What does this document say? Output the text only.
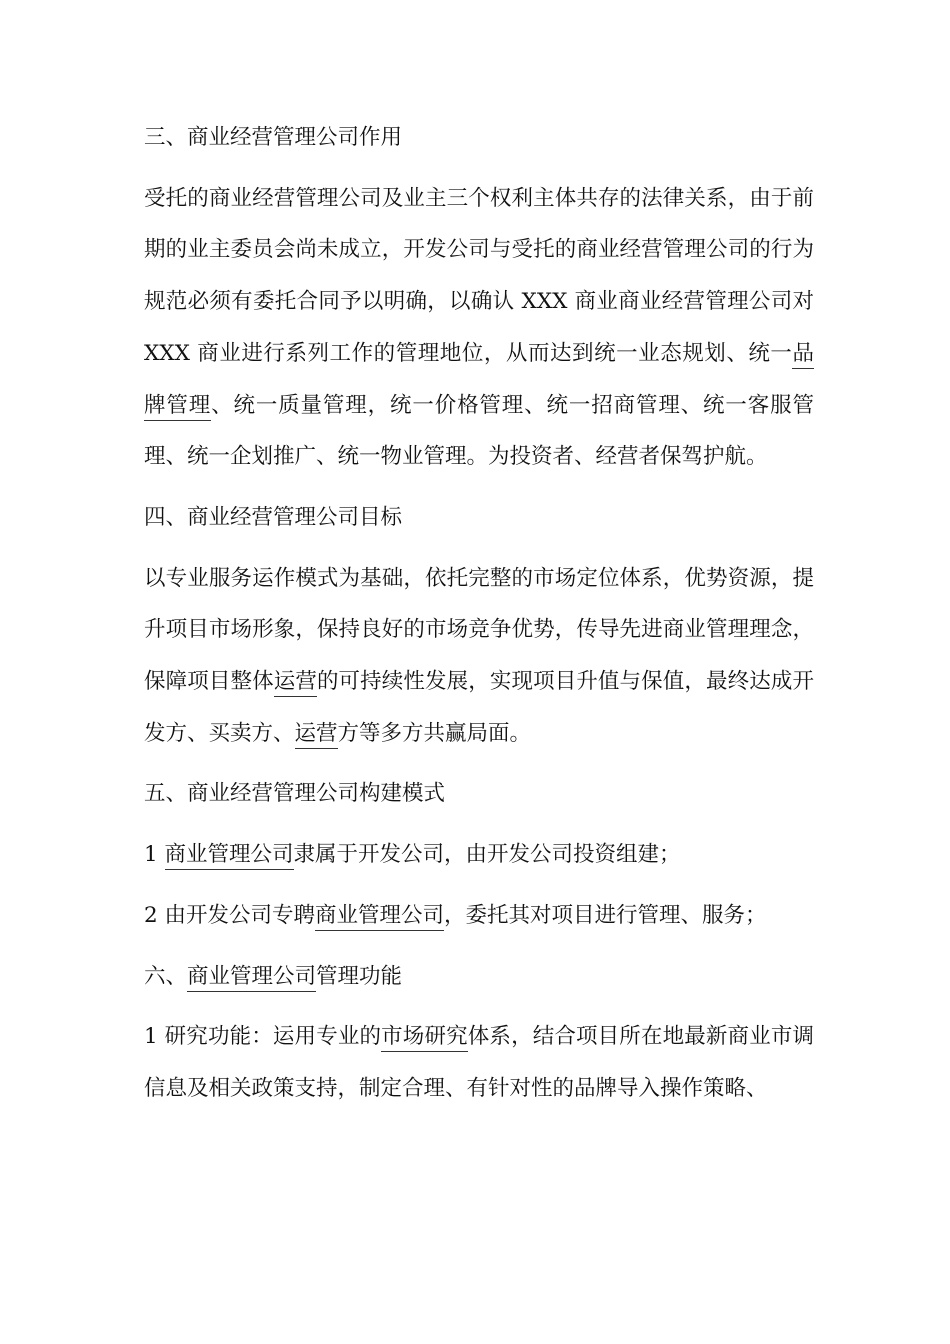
三、商业经营管理公司作用

受托的商业经营管理公司及业主三个权利主体共存的法律关系，由于前期的业主委员会尚未成立，开发公司与受托的商业经营管理公司的行为规范必须有委托合同予以明确，以确认 XXX 商业商业经营管理公司对 XXX 商业进行系列工作的管理地位，从而达到统一业态规划、统一品牌管理、统一质量管理，统一价格管理、统一招商管理、统一客服管理、统一企划推广、统一物业管理。为投资者、经营者保驾护航。

四、商业经营管理公司目标

以专业服务运作模式为基础，依托完整的市场定位体系，优势资源，提升项目市场形象，保持良好的市场竞争优势，传导先进商业管理理念，保障项目整体运营的可持续性发展，实现项目升值与保值，最终达成开发方、买卖方、运营方等多方共赢局面。

五、商业经营管理公司构建模式

1 商业管理公司隶属于开发公司，由开发公司投资组建；

2 由开发公司专聘商业管理公司，委托其对项目进行管理、服务；

六、商业管理公司管理功能

1 研究功能：运用专业的市场研究体系，结合项目所在地最新商业市调信息及相关政策支持，制定合理、有针对性的品牌导入操作策略、
